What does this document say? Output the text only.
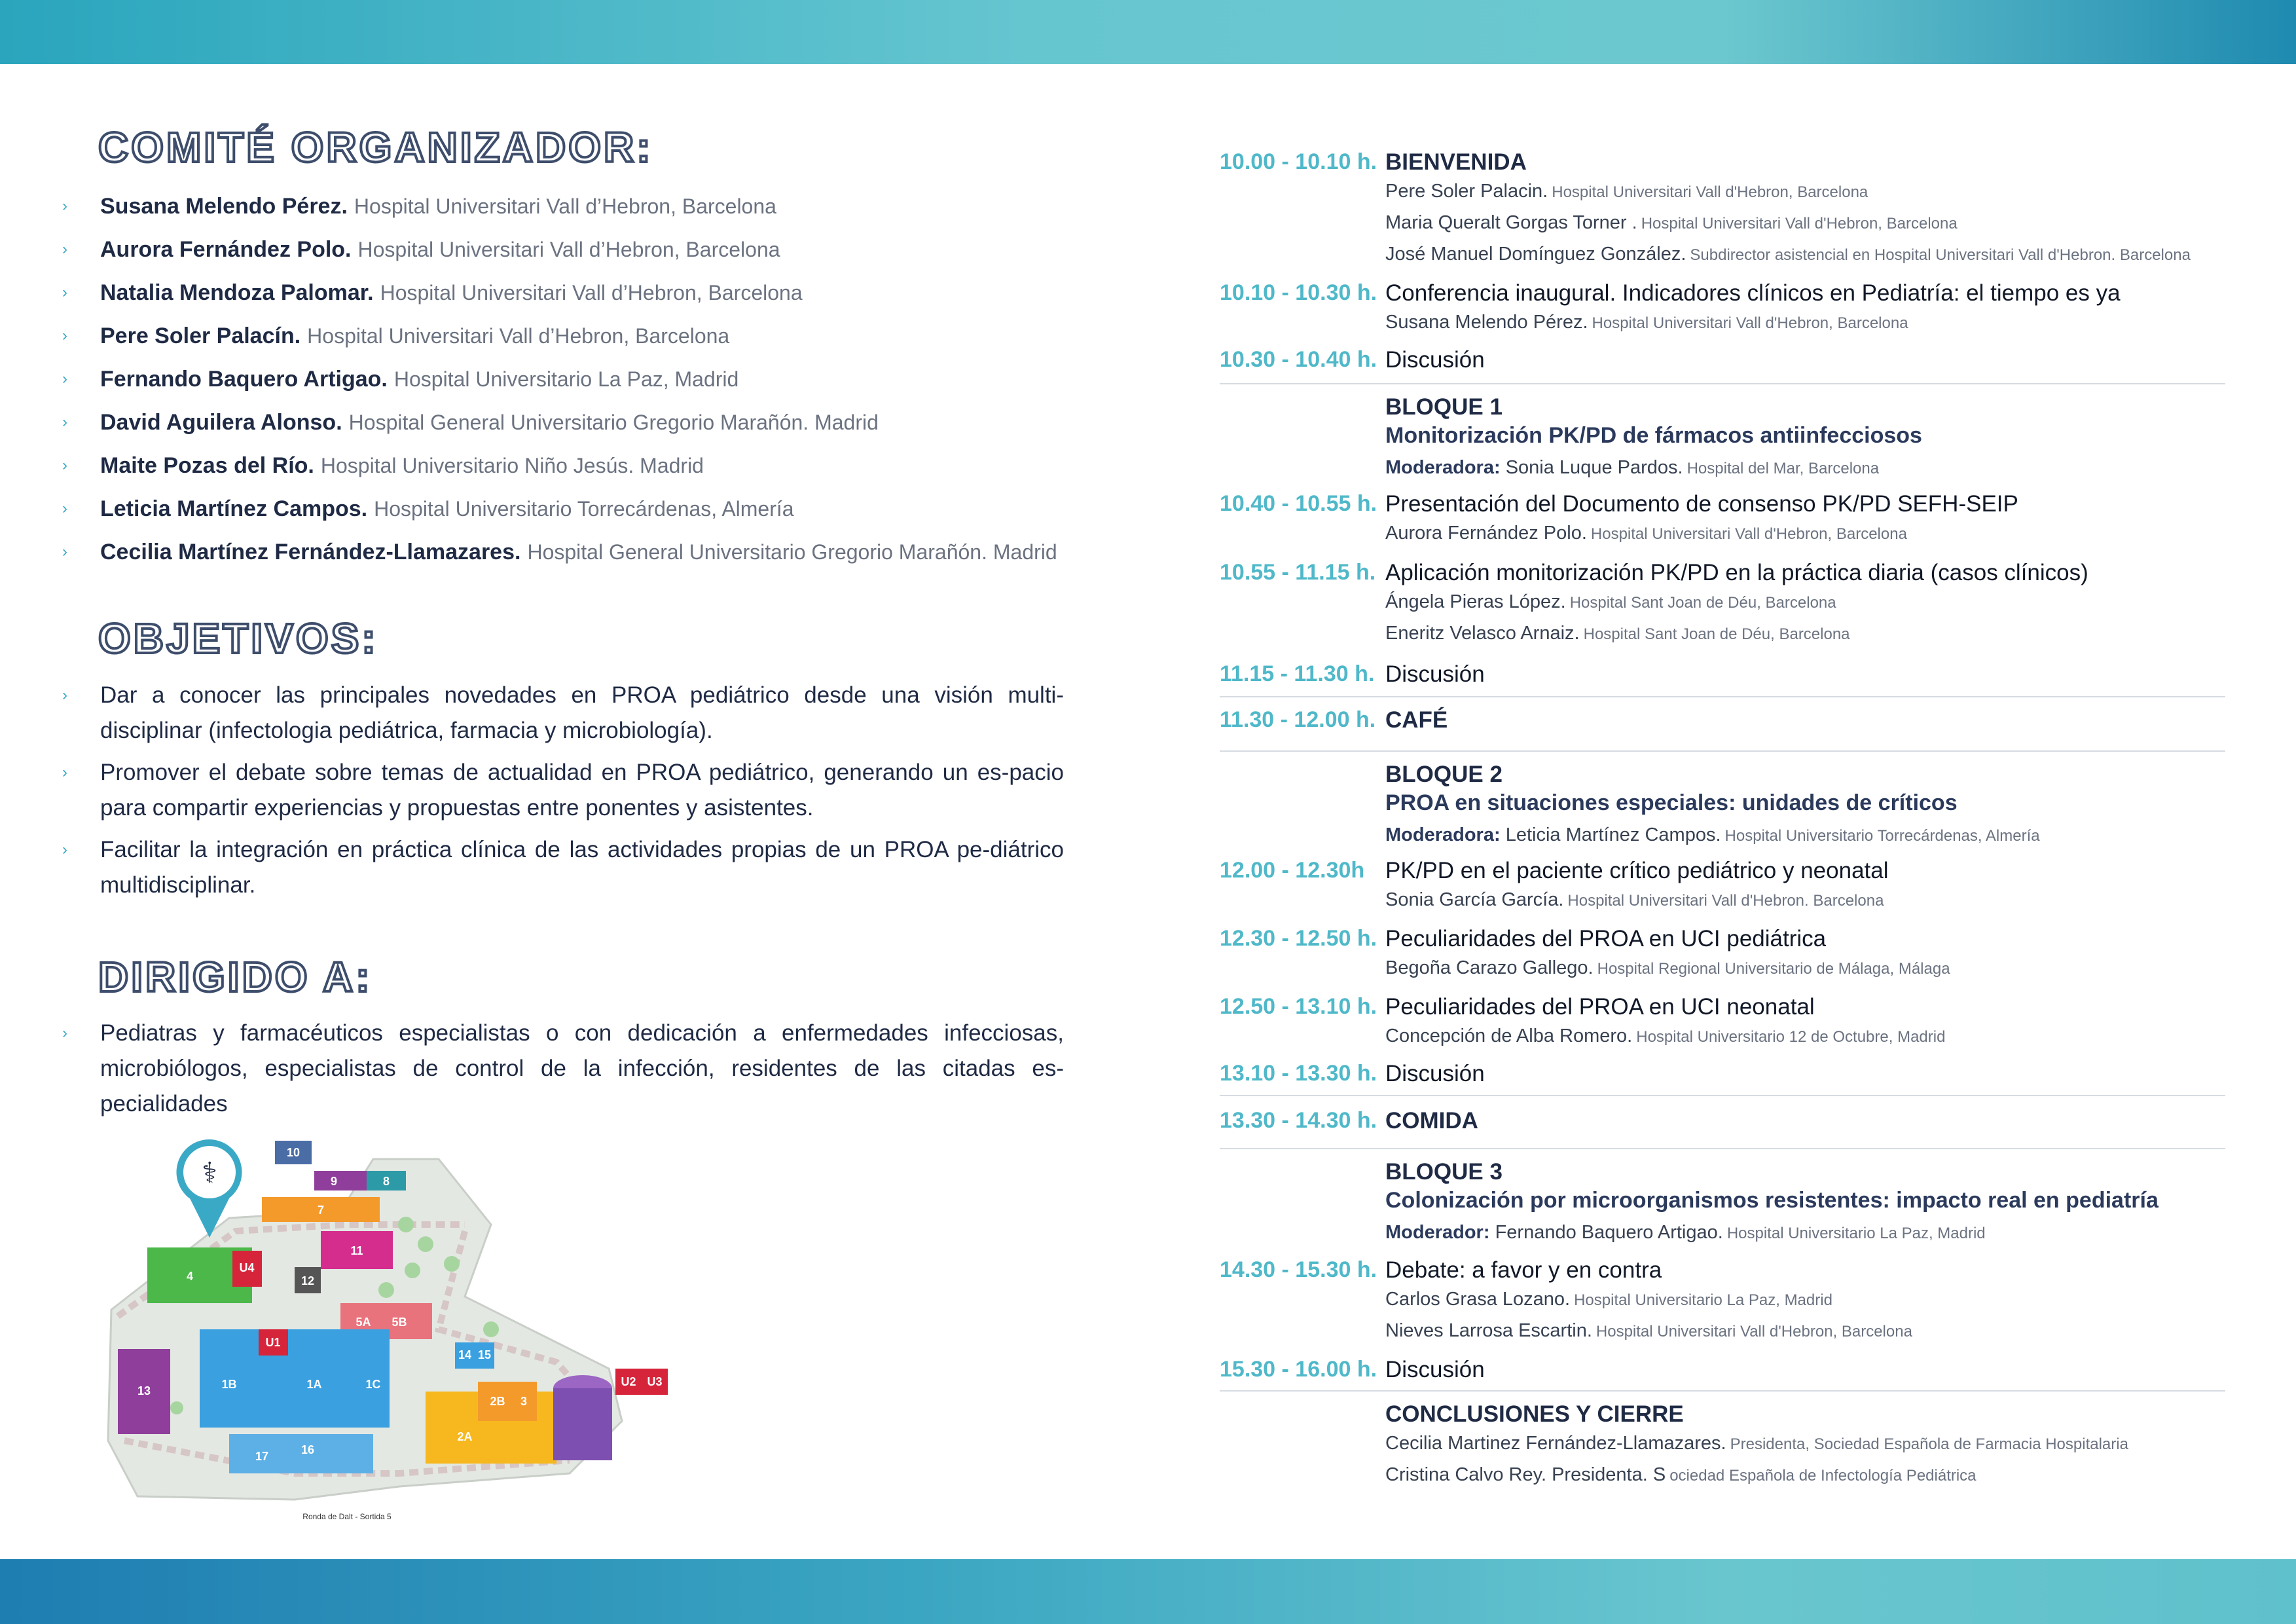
COMITÉ ORGANIZADOR:
›	Susana Melendo Pérez. Hospital Universitari Vall d’Hebron, Barcelona
›	Aurora Fernández Polo. Hospital Universitari Vall d’Hebron, Barcelona
›	Natalia Mendoza Palomar. Hospital Universitari Vall d’Hebron, Barcelona
›	Pere Soler Palacín. Hospital Universitari Vall d’Hebron, Barcelona
›	Fernando Baquero Artigao. Hospital Universitario La Paz, Madrid
›	David Aguilera Alonso. Hospital General Universitario Gregorio Marañón. Madrid
›	Maite Pozas del Río. Hospital Universitario Niño Jesús. Madrid
›	Leticia Martínez Campos. Hospital Universitario Torrecárdenas, Almería
›	Cecilia Martínez Fernández-Llamazares. Hospital General Universitario Gregorio Marañón. Madrid
OBJETIVOS:
›	Dar a conocer las principales novedades en PROA pediátrico desde una visión multi-disciplinar (infectologia pediátrica, farmacia y microbiología).
›	Promover el debate sobre temas de actualidad en PROA pediátrico, generando un es-pacio para compartir experiencias y propuestas entre ponentes y asistentes.
›	Facilitar la integración en práctica clínica de las actividades propias de un PROA pe-diátrico multidisciplinar.
DIRIGIDO A:
›	Pediatras y farmacéuticos especialistas o con dedicación a enfermedades infecciosas, microbiólogos, especialistas de control de la infección, residentes de las citadas es-pecialidades
⚕
10
9	8
7
11
4
U4
12
5A 5B
U1
1A
1B	1C
13
14 15
2B 3
U2 U3
2A
16
17
Ronda de Dalt - Sortida 5
10.00 - 10.10 h. BIENVENIDA
Pere Soler Palacin. Hospital Universitari Vall d'Hebron, Barcelona
Maria Queralt Gorgas Torner . Hospital Universitari Vall d'Hebron, Barcelona
José Manuel Domínguez González. Subdirector asistencial en Hospital Universitari Vall d'Hebron. Barcelona
10.10 - 10.30 h. Conferencia inaugural. Indicadores clínicos en Pediatría: el tiempo es ya
Susana Melendo Pérez. Hospital Universitari Vall d'Hebron, Barcelona
10.30 - 10.40 h. Discusión
BLOQUE 1
Monitorización PK/PD de fármacos antiinfecciosos
Moderadora: Sonia Luque Pardos. Hospital del Mar, Barcelona
10.40 - 10.55 h. Presentación del Documento de consenso PK/PD SEFH-SEIP
Aurora Fernández Polo. Hospital Universitari Vall d'Hebron, Barcelona
10.55 - 11.15 h. Aplicación monitorización PK/PD en la práctica diaria (casos clínicos)
Ángela Pieras López. Hospital Sant Joan de Déu, Barcelona
Eneritz Velasco Arnaiz. Hospital Sant Joan de Déu, Barcelona
11.15 - 11.30 h. Discusión
11.30 - 12.00 h. CAFÉ
BLOQUE 2
PROA en situaciones especiales: unidades de críticos
Moderadora: Leticia Martínez Campos. Hospital Universitario Torrecárdenas, Almería
12.00 - 12.30h PK/PD en el paciente crítico pediátrico y neonatal
Sonia García García. Hospital Universitari Vall d'Hebron. Barcelona
12.30 - 12.50 h. Peculiaridades del PROA en UCI pediátrica
Begoña Carazo Gallego. Hospital Regional Universitario de Málaga, Málaga
12.50 - 13.10 h. Peculiaridades del PROA en UCI neonatal
Concepción de Alba Romero. Hospital Universitario 12 de Octubre, Madrid
13.10 - 13.30 h. Discusión
13.30 - 14.30 h. COMIDA
BLOQUE 3
Colonización por microorganismos resistentes: impacto real en pediatría
Moderador: Fernando Baquero Artigao. Hospital Universitario La Paz, Madrid
14.30 - 15.30 h. Debate: a favor y en contra
Carlos Grasa Lozano. Hospital Universitario La Paz, Madrid
Nieves Larrosa Escartin. Hospital Universitari Vall d'Hebron, Barcelona
15.30 - 16.00 h. Discusión
CONCLUSIONES Y CIERRE
Cecilia Martinez Fernández-Llamazares. Presidenta, Sociedad Española de Farmacia Hospitalaria
Cristina Calvo Rey. Presidenta. S ociedad Española de Infectología Pediátrica
